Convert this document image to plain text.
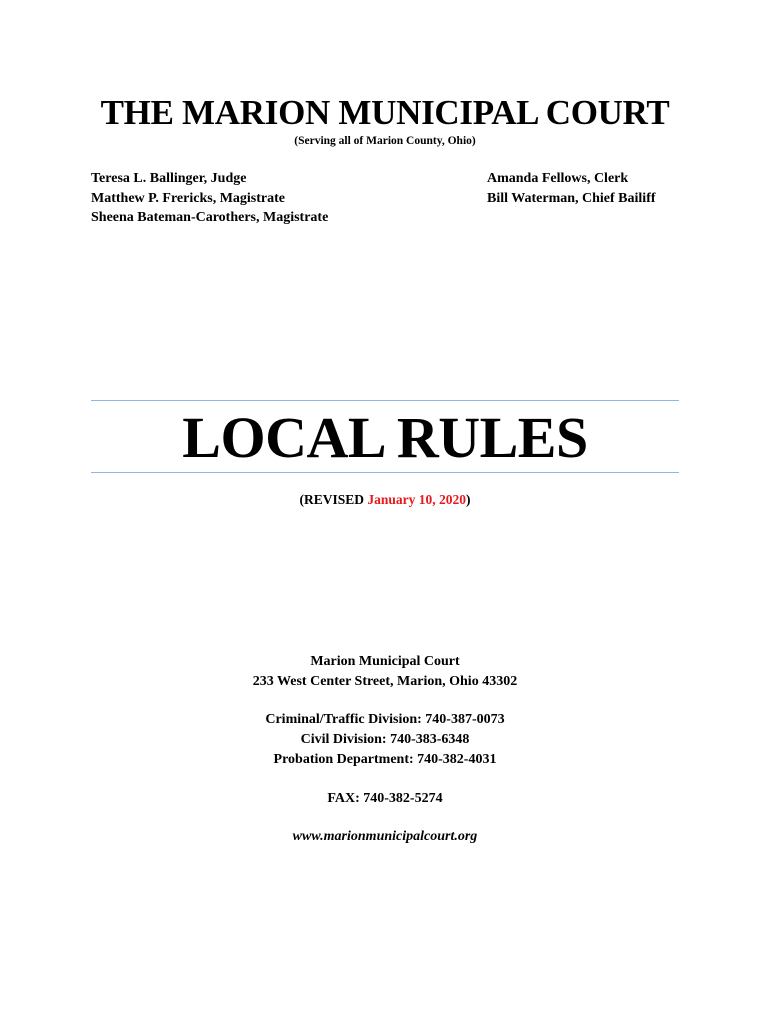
THE MARION MUNICIPAL COURT
(Serving all of Marion County, Ohio)
Teresa L. Ballinger, Judge
Matthew P. Frericks, Magistrate
Sheena Bateman-Carothers, Magistrate
Amanda Fellows, Clerk
Bill Waterman, Chief Bailiff
LOCAL RULES
(REVISED January 10, 2020)
Marion Municipal Court
233 West Center Street, Marion, Ohio 43302
Criminal/Traffic Division: 740-387-0073
Civil Division: 740-383-6348
Probation Department: 740-382-4031
FAX: 740-382-5274
www.marionmunicipalcourt.org
